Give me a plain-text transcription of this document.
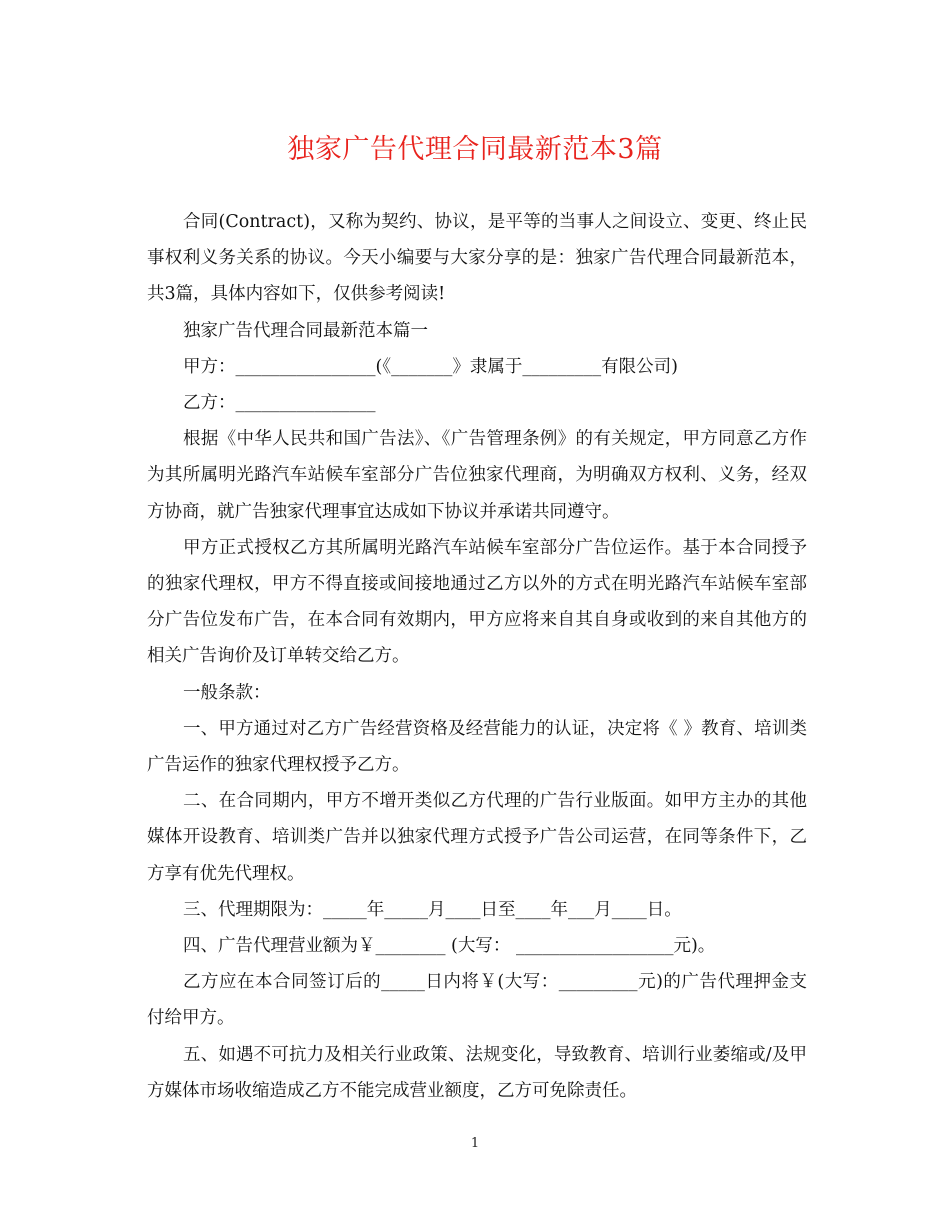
独家广告代理合同最新范本3篇

合同(Contract)，又称为契约、协议，是平等的当事人之间设立、变更、终止民事权利义务关系的协议。今天小编要与大家分享的是：独家广告代理合同最新范本，共3篇，具体内容如下，仅供参考阅读!

独家广告代理合同最新范本篇一

甲方：________________(《_______》隶属于_________有限公司)

乙方：________________

根据《中华人民共和国广告法》、《广告管理条例》的有关规定，甲方同意乙方作为其所属明光路汽车站候车室部分广告位独家代理商，为明确双方权利、义务，经双方协商，就广告独家代理事宜达成如下协议并承诺共同遵守。

甲方正式授权乙方其所属明光路汽车站候车室部分广告位运作。基于本合同授予的独家代理权，甲方不得直接或间接地通过乙方以外的方式在明光路汽车站候车室部分广告位发布广告，在本合同有效期内，甲方应将来自其自身或收到的来自其他方的相关广告询价及订单转交给乙方。

一般条款：

一、甲方通过对乙方广告经营资格及经营能力的认证，决定将《 》教育、培训类广告运作的独家代理权授予乙方。

二、在合同期内，甲方不增开类似乙方代理的广告行业版面。如甲方主办的其他媒体开设教育、培训类广告并以独家代理方式授予广告公司运营，在同等条件下，乙方享有优先代理权。

三、代理期限为：_____年_____月____日至____年___月____日。

四、广告代理营业额为￥________ (大写： __________________元)。

乙方应在本合同签订后的_____日内将￥(大写：_________元)的广告代理押金支付给甲方。

五、如遇不可抗力及相关行业政策、法规变化，导致教育、培训行业萎缩或/及甲方媒体市场收缩造成乙方不能完成营业额度，乙方可免除责任。

1
